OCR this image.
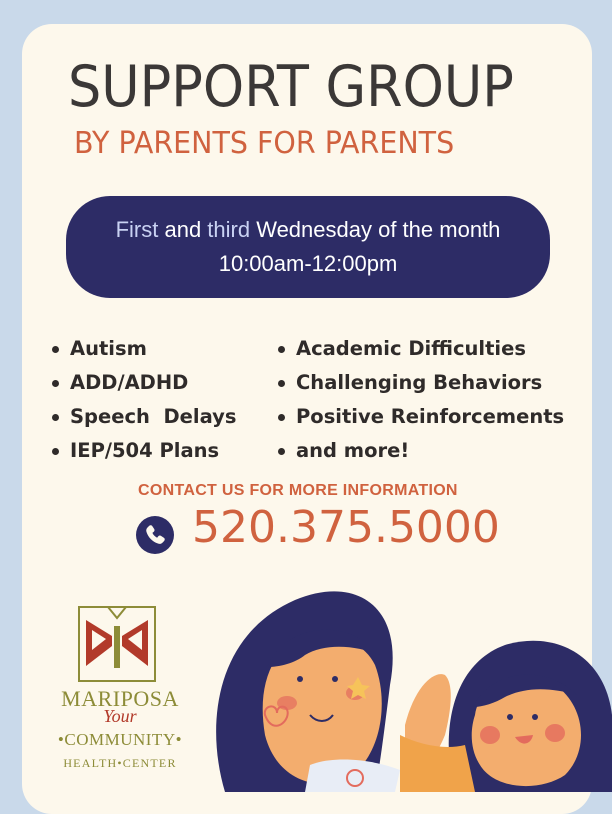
SUPPORT GROUP
BY PARENTS FOR PARENTS
First and third Wednesday of the month
10:00am-12:00pm
Autism
ADD/ADHD
Speech  Delays
IEP/504 Plans
Academic Difficulties
Challenging Behaviors
Positive Reinforcements
and more!
CONTACT US FOR MORE INFORMATION
520.375.5000
MARIPOSA
Your
•COMMUNITY•
HEALTH•CENTER
